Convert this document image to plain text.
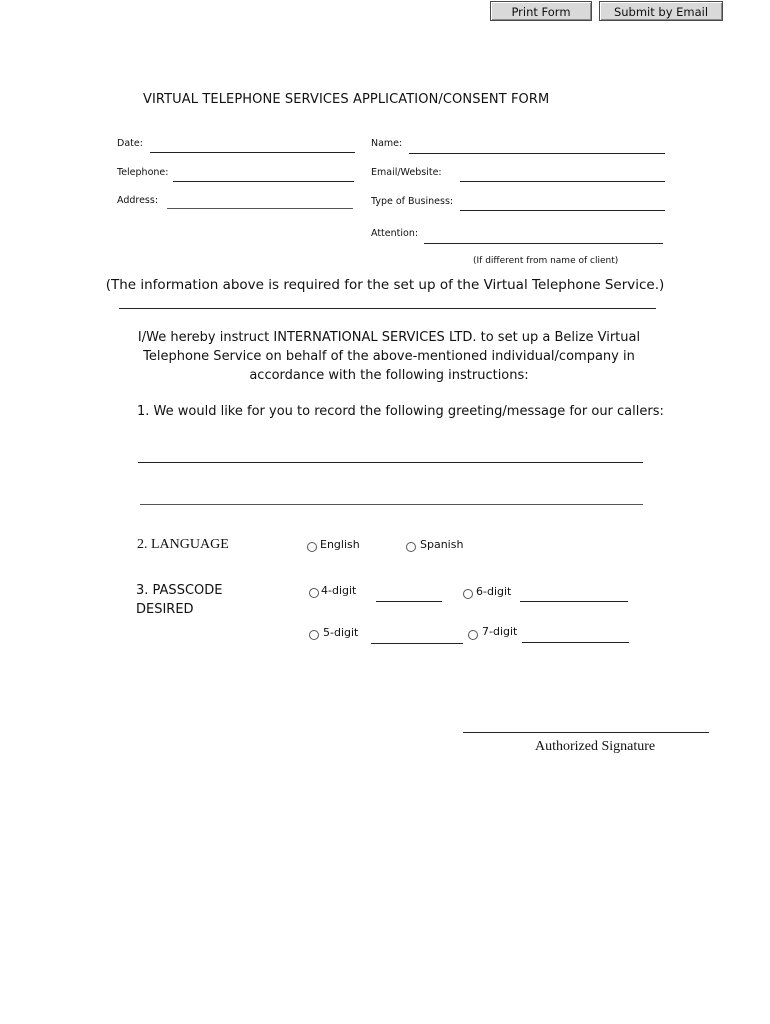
Print Form	Submit by Email
VIRTUAL TELEPHONE SERVICES APPLICATION/CONSENT FORM
Date:	Name:
Telephone:	Email/Website:
Address:	Type of Business:
Attention:
(If different from name of client)
(The information above is required for the set up of the Virtual Telephone Service.)
I/We hereby instruct INTERNATIONAL SERVICES LTD. to set up a Belize Virtual
Telephone Service on behalf of the above-mentioned individual/company in
accordance with the following instructions:
1. We would like for you to record the following greeting/message for our callers:
2. LANGUAGE	English	Spanish
3. PASSCODE
DESIRED
4-digit	6-digit
5-digit	7-digit
Authorized Signature
